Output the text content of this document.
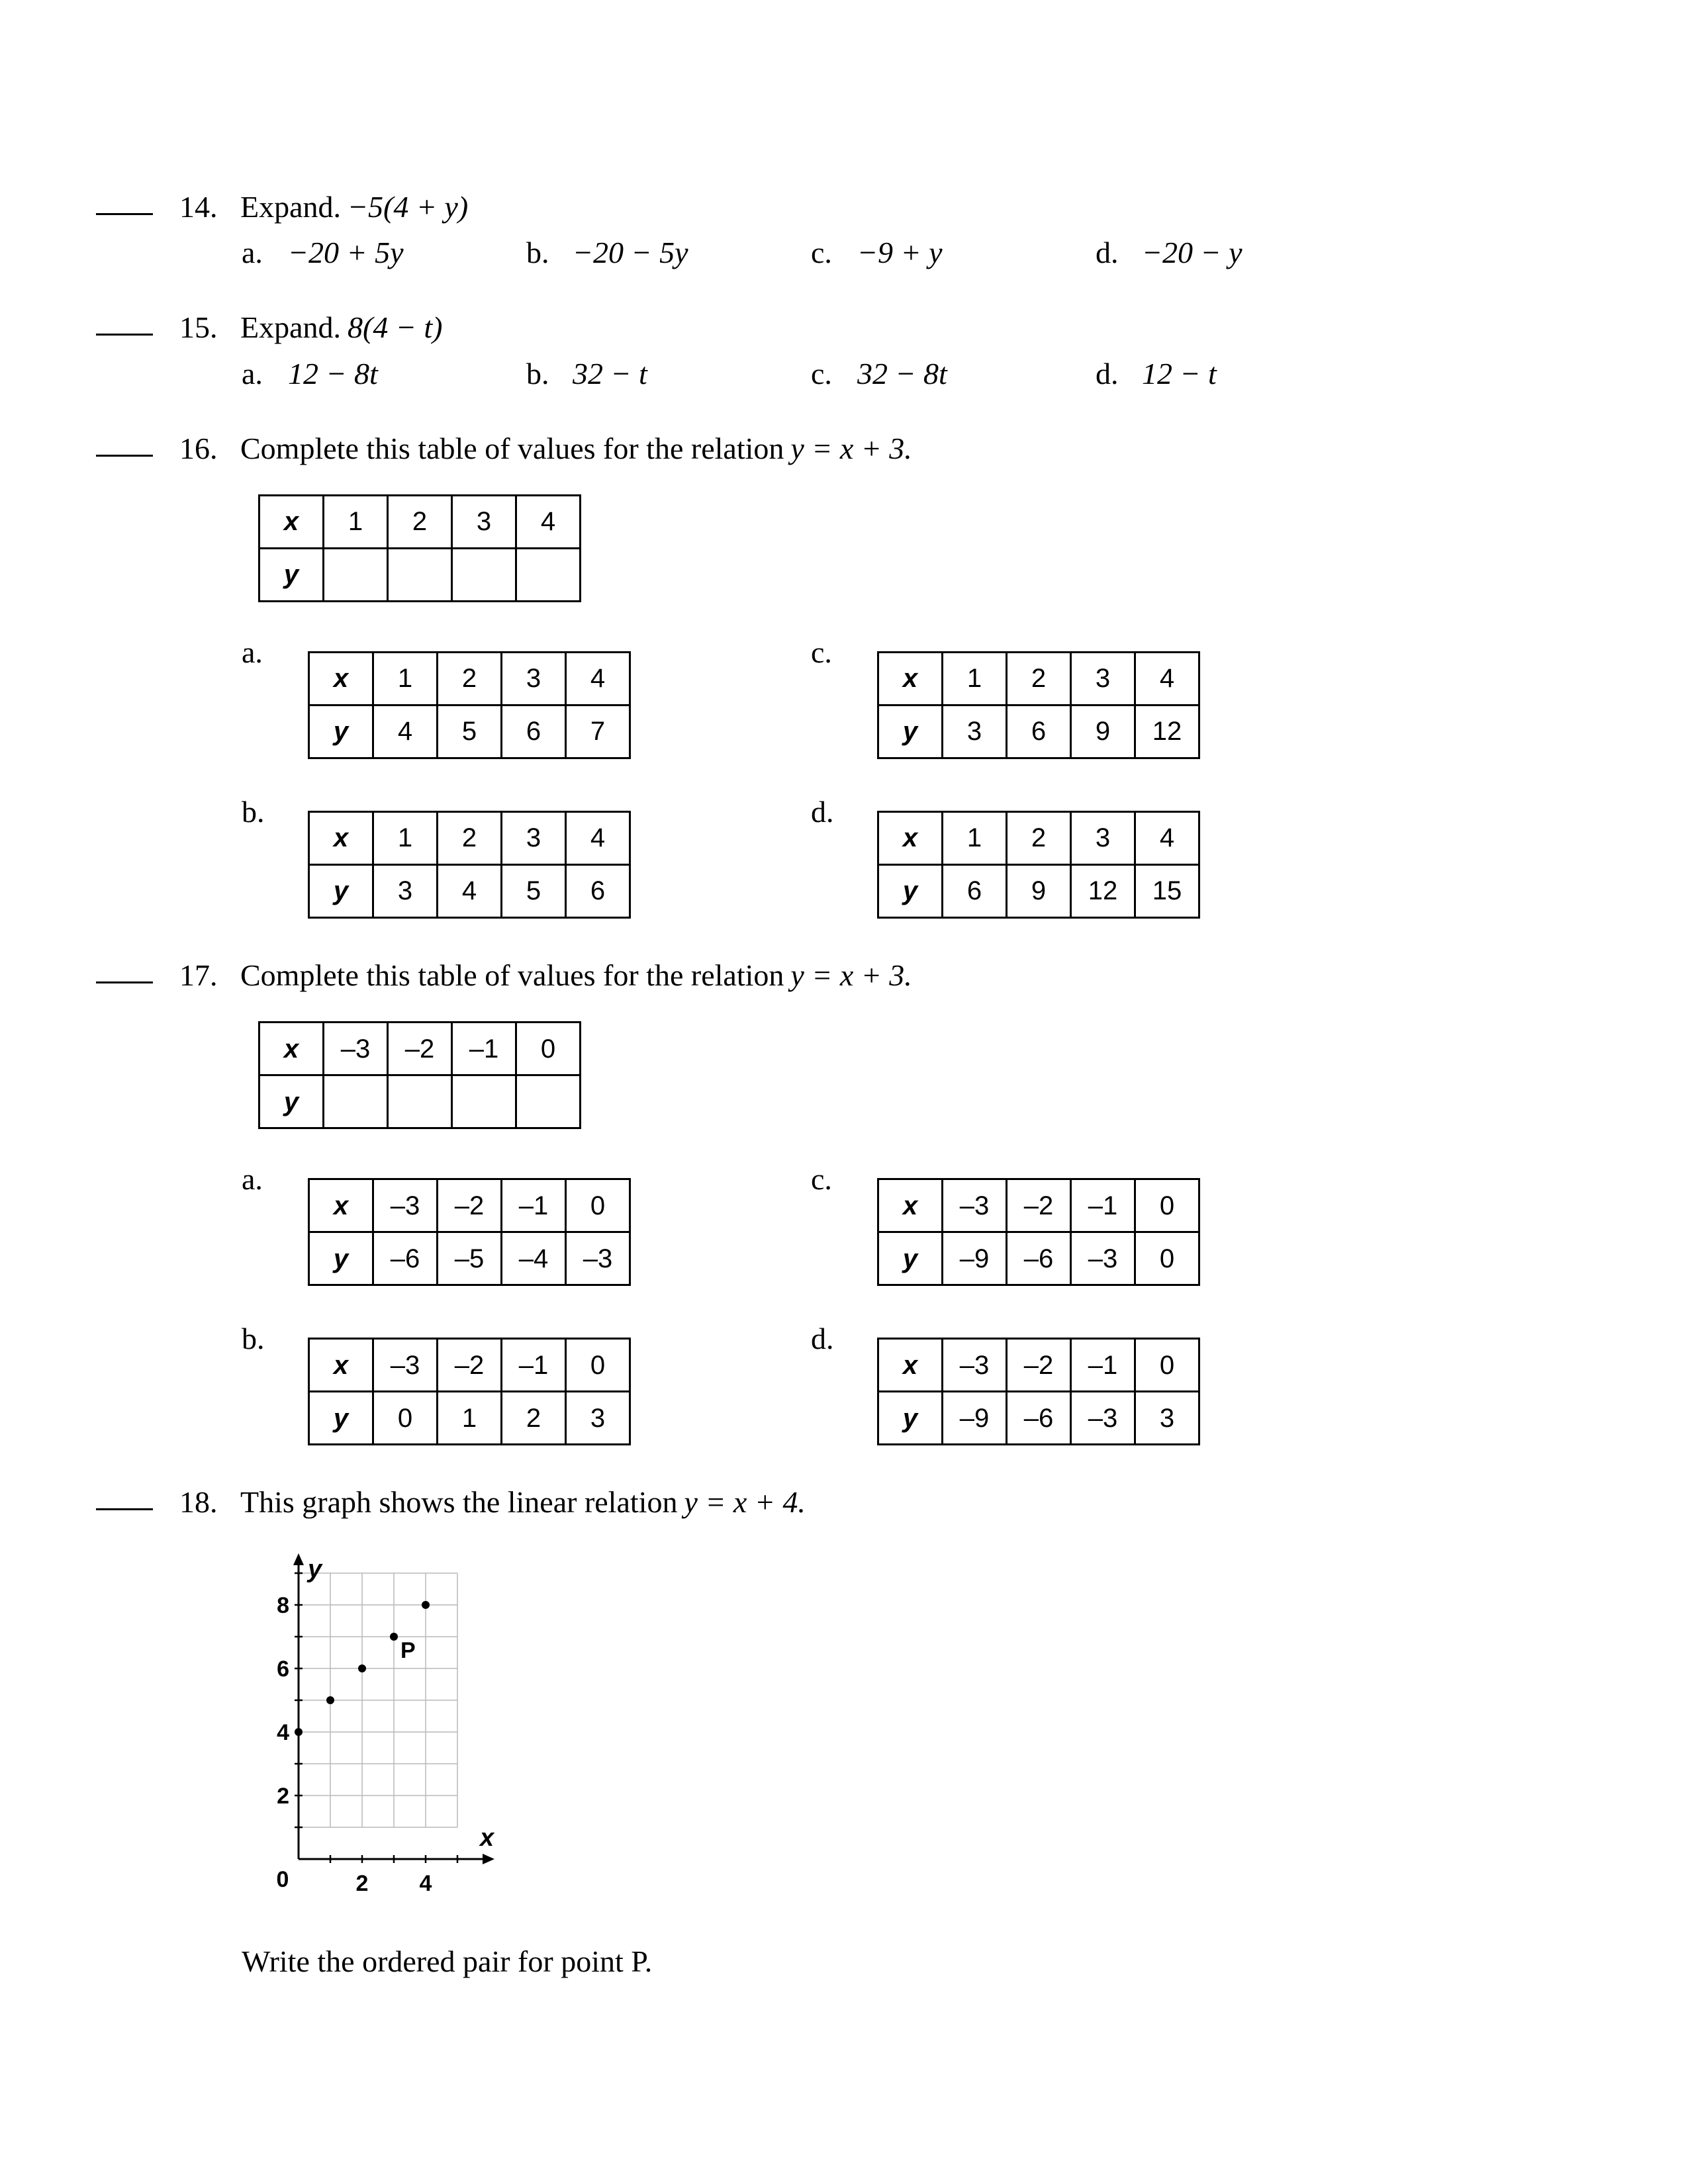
14. Expand. −5(4 + y)
a. −20 + 5y	b. −20 − 5y	c. −9 + y	d. −20 − y
15. Expand. 8(4 − t)
a. 12 − 8t	b. 32 − t	c. 32 − 8t	d. 12 − t
16. Complete this table of values for the relation y = x + 3.
x	1	2	3	4
y				
a.
x	1	2	3	4
y	4	5	6	7
c.
x	1	2	3	4
y	3	6	9	12
b.
x	1	2	3	4
y	3	4	5	6
d.
x	1	2	3	4
y	6	9	12	15
17. Complete this table of values for the relation y = x + 3.
x	–3	–2	–1	0
y				
a.
x	–3	–2	–1	0
y	–6	–5	–4	–3
c.
x	–3	–2	–1	0
y	–9	–6	–3	0
b.
x	–3	–2	–1	0
y	0	1	2	3
d.
x	–3	–2	–1	0
y	–9	–6	–3	3
18. This graph shows the linear relation y = x + 4.
y
x
8
6
4
2
0	2 4
P
Write the ordered pair for point P.
